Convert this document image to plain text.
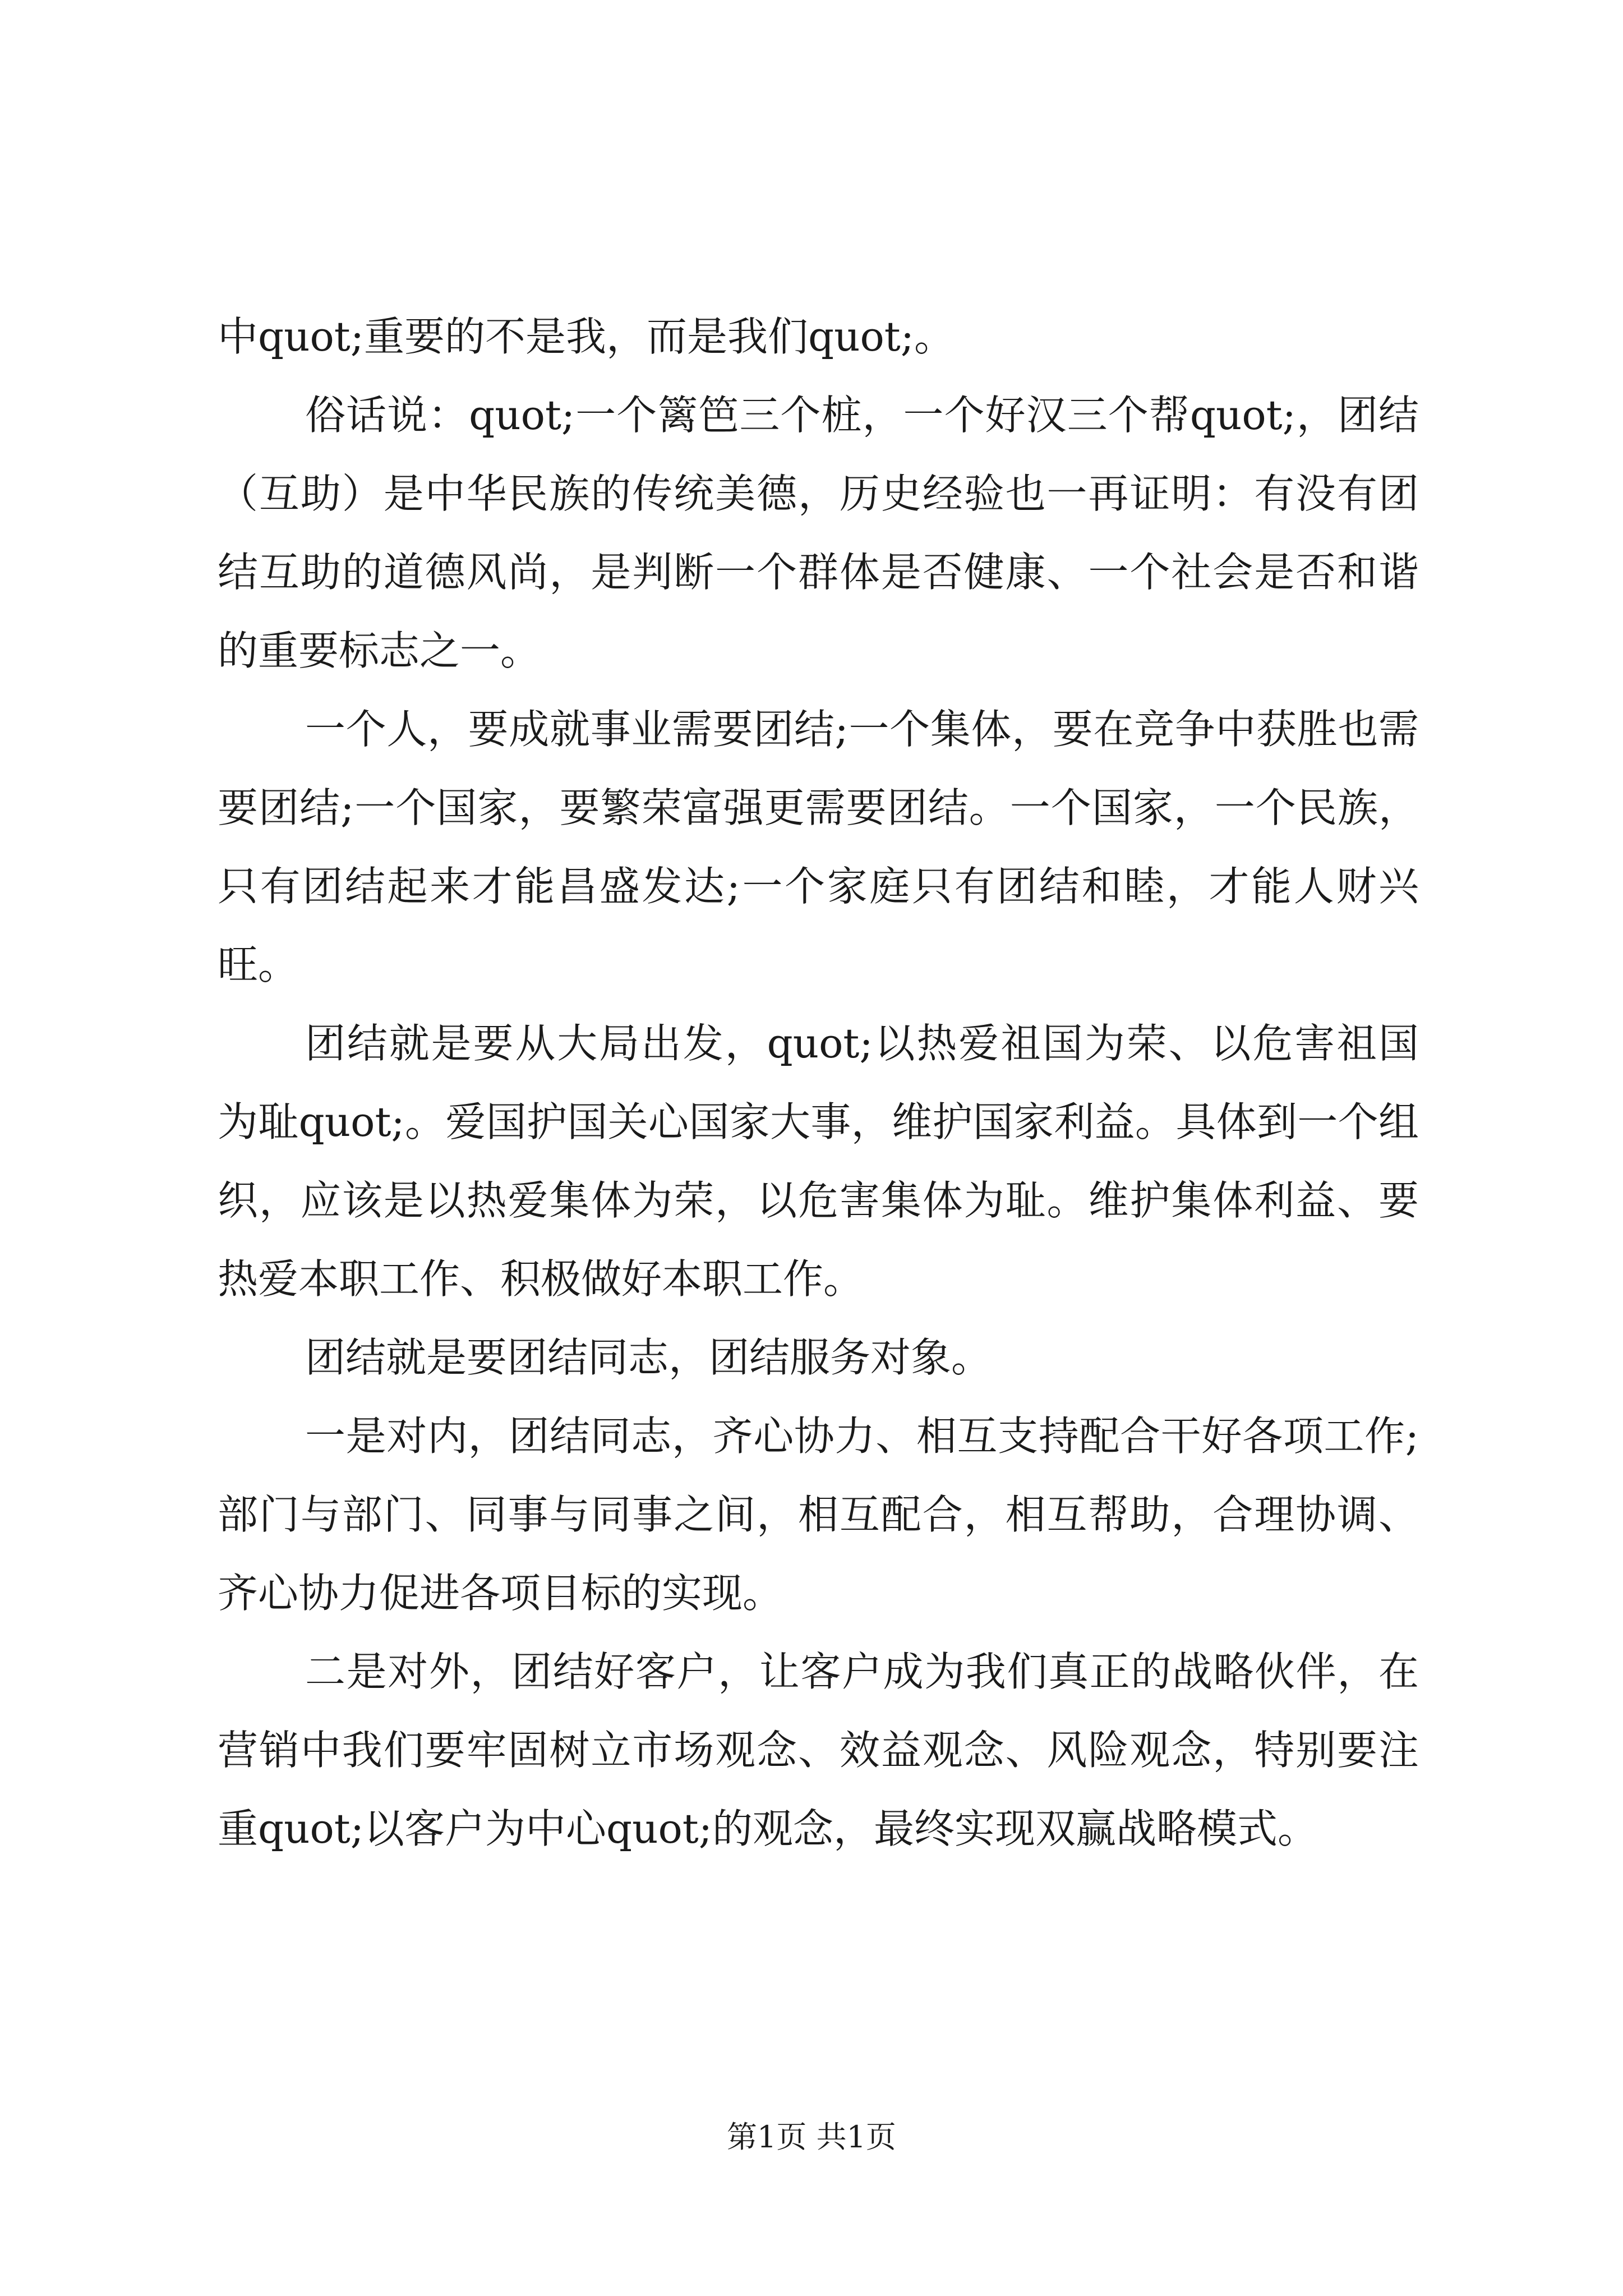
中quot;重要的不是我，而是我们quot;。

俗话说：quot;一个篱笆三个桩，一个好汉三个帮quot;，团结（互助）是中华民族的传统美德，历史经验也一再证明：有没有团结互助的道德风尚，是判断一个群体是否健康、一个社会是否和谐的重要标志之一。

一个人，要成就事业需要团结;一个集体，要在竞争中获胜也需要团结;一个国家，要繁荣富强更需要团结。一个国家，一个民族，只有团结起来才能昌盛发达;一个家庭只有团结和睦，才能人财兴旺。

团结就是要从大局出发，quot;以热爱祖国为荣、以危害祖国为耻quot;。爱国护国关心国家大事，维护国家利益。具体到一个组织，应该是以热爱集体为荣，以危害集体为耻。维护集体利益、要热爱本职工作、积极做好本职工作。

团结就是要团结同志，团结服务对象。

一是对内，团结同志，齐心协力、相互支持配合干好各项工作;部门与部门、同事与同事之间，相互配合，相互帮助，合理协调、齐心协力促进各项目标的实现。

二是对外，团结好客户，让客户成为我们真正的战略伙伴，在营销中我们要牢固树立市场观念、效益观念、风险观念，特别要注重quot;以客户为中心quot;的观念，最终实现双赢战略模式。

第1页 共1页
